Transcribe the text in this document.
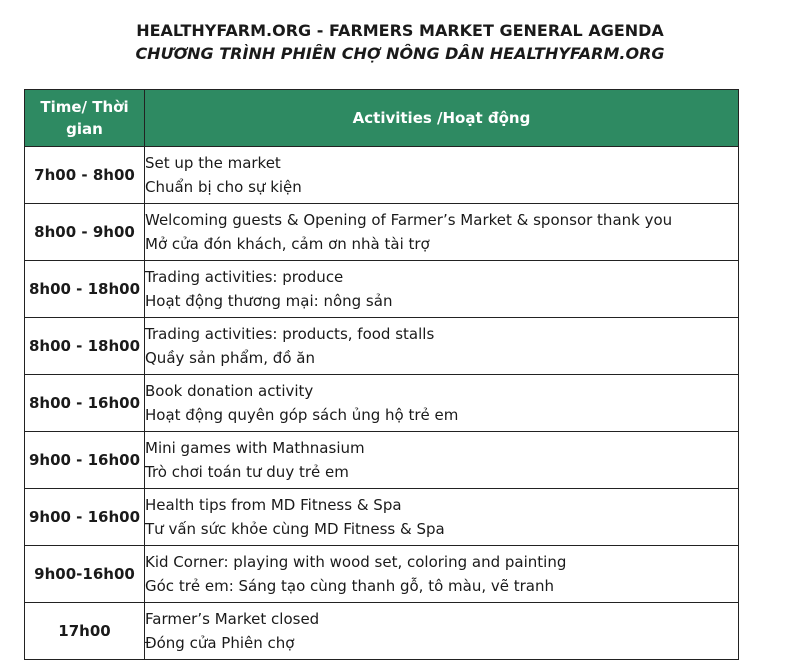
HEALTHYFARM.ORG - FARMERS MARKET GENERAL AGENDA
CHƯƠNG TRÌNH PHIÊN CHỢ NÔNG DÂN HEALTHYFARM.ORG
Time/ Thời gian	Activities /Hoạt động
7h00 - 8h00	Set up the market
Chuẩn bị cho sự kiện

8h00 - 9h00	Welcoming guests & Opening of Farmer’s Market & sponsor thank you
Mở cửa đón khách, cảm ơn nhà tài trợ

8h00 - 18h00	Trading activities: produce
Hoạt động thương mại: nông sản

8h00 - 18h00	Trading activities: products, food stalls
Quầy sản phẩm, đồ ăn

8h00 - 16h00	Book donation activity
Hoạt động quyên góp sách ủng hộ trẻ em

9h00 - 16h00	Mini games with Mathnasium
Trò chơi toán tư duy trẻ em

9h00 - 16h00	Health tips from MD Fitness & Spa
Tư vấn sức khỏe cùng MD Fitness & Spa

9h00-16h00	Kid Corner: playing with wood set, coloring and painting
Góc trẻ em: Sáng tạo cùng thanh gỗ, tô màu, vẽ tranh

17h00	Farmer’s Market closed
Đóng cửa Phiên chợ
